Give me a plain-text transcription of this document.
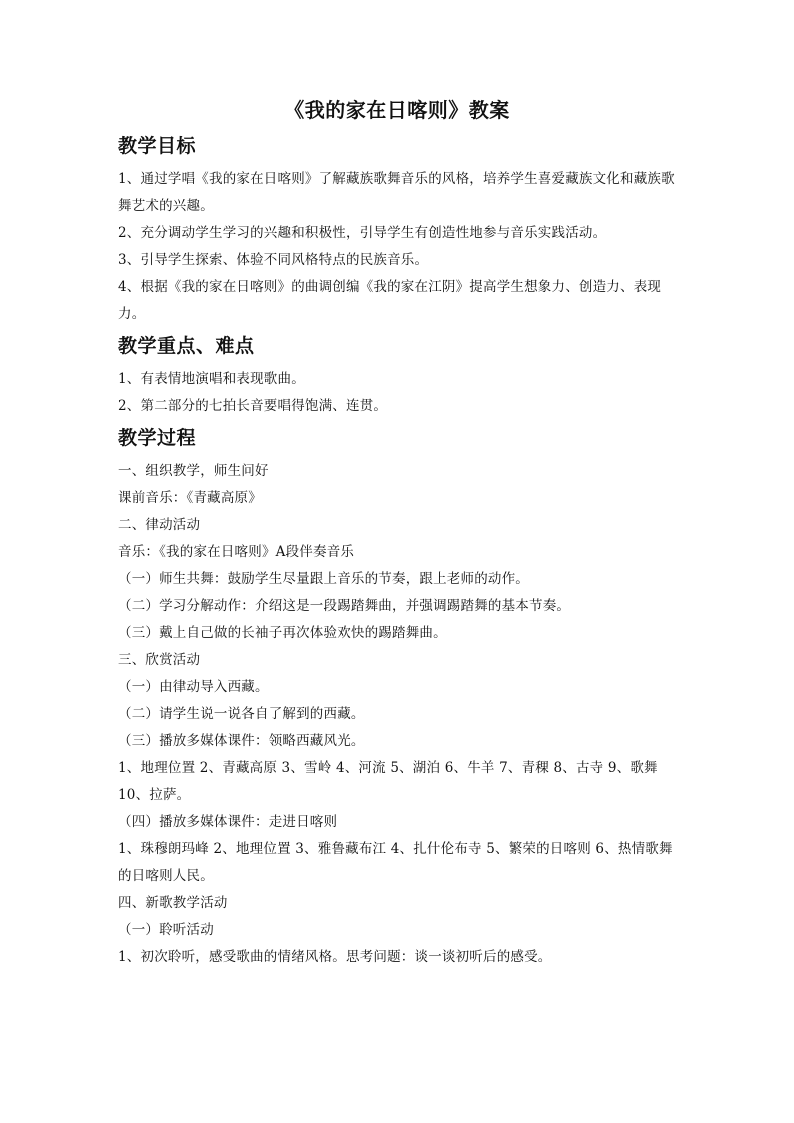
《我的家在日喀则》教案
教学目标

1、通过学唱《我的家在日喀则》了解藏族歌舞音乐的风格，培养学生喜爱藏族文化和藏族歌舞艺术的兴趣。

2、充分调动学生学习的兴趣和积极性，引导学生有创造性地参与音乐实践活动。

3、引导学生探索、体验不同风格特点的民族音乐。

4、根据《我的家在日喀则》的曲调创编《我的家在江阴》提高学生想象力、创造力、表现力。

教学重点、难点

1、有表情地演唱和表现歌曲。

2、第二部分的七拍长音要唱得饱满、连贯。

教学过程

一、组织教学，师生问好

课前音乐：《青藏高原》

二、律动活动

音乐：《我的家在日喀则》A段伴奏音乐

（一）师生共舞：鼓励学生尽量跟上音乐的节奏，跟上老师的动作。

（二）学习分解动作：介绍这是一段踢踏舞曲，并强调踢踏舞的基本节奏。

（三）戴上自己做的长袖子再次体验欢快的踢踏舞曲。

三、欣赏活动

（一）由律动导入西藏。

（二）请学生说一说各自了解到的西藏。

（三）播放多媒体课件：领略西藏风光。

1、地理位置 2、青藏高原 3、雪岭 4、河流 5、湖泊 6、牛羊 7、青稞 8、古寺 9、歌舞 10、拉萨。

（四）播放多媒体课件：走进日喀则

1、珠穆朗玛峰 2、地理位置 3、雅鲁藏布江 4、扎什伦布寺 5、繁荣的日喀则 6、热情歌舞的日喀则人民。

四、新歌教学活动

（一）聆听活动

1、初次聆听，感受歌曲的情绪风格。思考问题：谈一谈初听后的感受。
